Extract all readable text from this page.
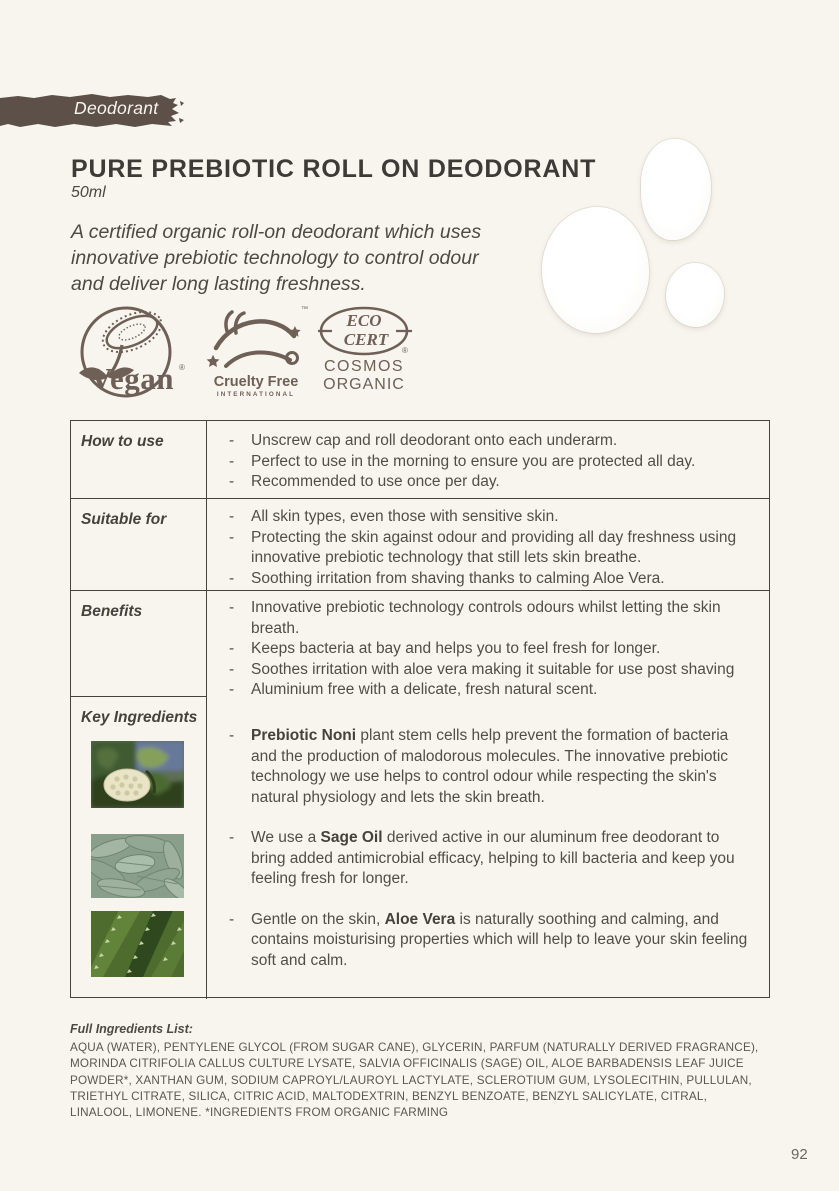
Deodorant
PURE PREBIOTIC ROLL ON DEODORANT
50ml
A certified organic roll-on deodorant which uses
innovative prebiotic technology to control odour
and deliver long lasting freshness.
Vegan ®
Cruelty Free
INTERNATIONAL
™
ECO
CERT
®
COSMOS
ORGANIC
How to use	-	Unscrew cap and roll deodorant onto each underarm.
-	Perfect to use in the morning to ensure you are protected all day.
-	Recommended to use once per day.
Suitable for	-	All skin types, even those with sensitive skin.
-	Protecting the skin against odour and providing all day freshness using innovative prebiotic technology that still lets skin breathe.
-	Soothing irritation from shaving thanks to calming Aloe Vera.
Benefits	-	Innovative prebiotic technology controls odours whilst letting the skin breath.
-	Keeps bacteria at bay and helps you to feel fresh for longer.
-	Soothes irritation with aloe vera making it suitable for use post shaving
-	Aluminium free with a delicate, fresh natural scent.
Key Ingredients
-	Prebiotic Noni plant stem cells help prevent the formation of bacteria and the production of malodorous molecules. The innovative prebiotic technology we use helps to control odour while respecting the skin's natural physiology and lets the skin breath.
-	We use a Sage Oil derived active in our aluminum free deodorant to bring added antimicrobial efficacy, helping to kill bacteria and keep you feeling fresh for longer.
-	Gentle on the skin, Aloe Vera is naturally soothing and calming, and contains moisturising properties which will help to leave your skin feeling soft and calm.
Full Ingredients List:
AQUA (WATER), PENTYLENE GLYCOL (FROM SUGAR CANE), GLYCERIN, PARFUM (NATURALLY DERIVED FRAGRANCE), MORINDA CITRIFOLIA CALLUS CULTURE LYSATE, SALVIA OFFICINALIS (SAGE) OIL, ALOE BARBADENSIS LEAF JUICE POWDER*, XANTHAN GUM, SODIUM CAPROYL/LAUROYL LACTYLATE, SCLEROTIUM GUM, LYSOLECITHIN, PULLULAN, TRIETHYL CITRATE, SILICA, CITRIC ACID, MALTODEXTRIN, BENZYL BENZOATE, BENZYL SALICYLATE, CITRAL, LINALOOL, LIMONENE. *INGREDIENTS FROM ORGANIC FARMING
92
